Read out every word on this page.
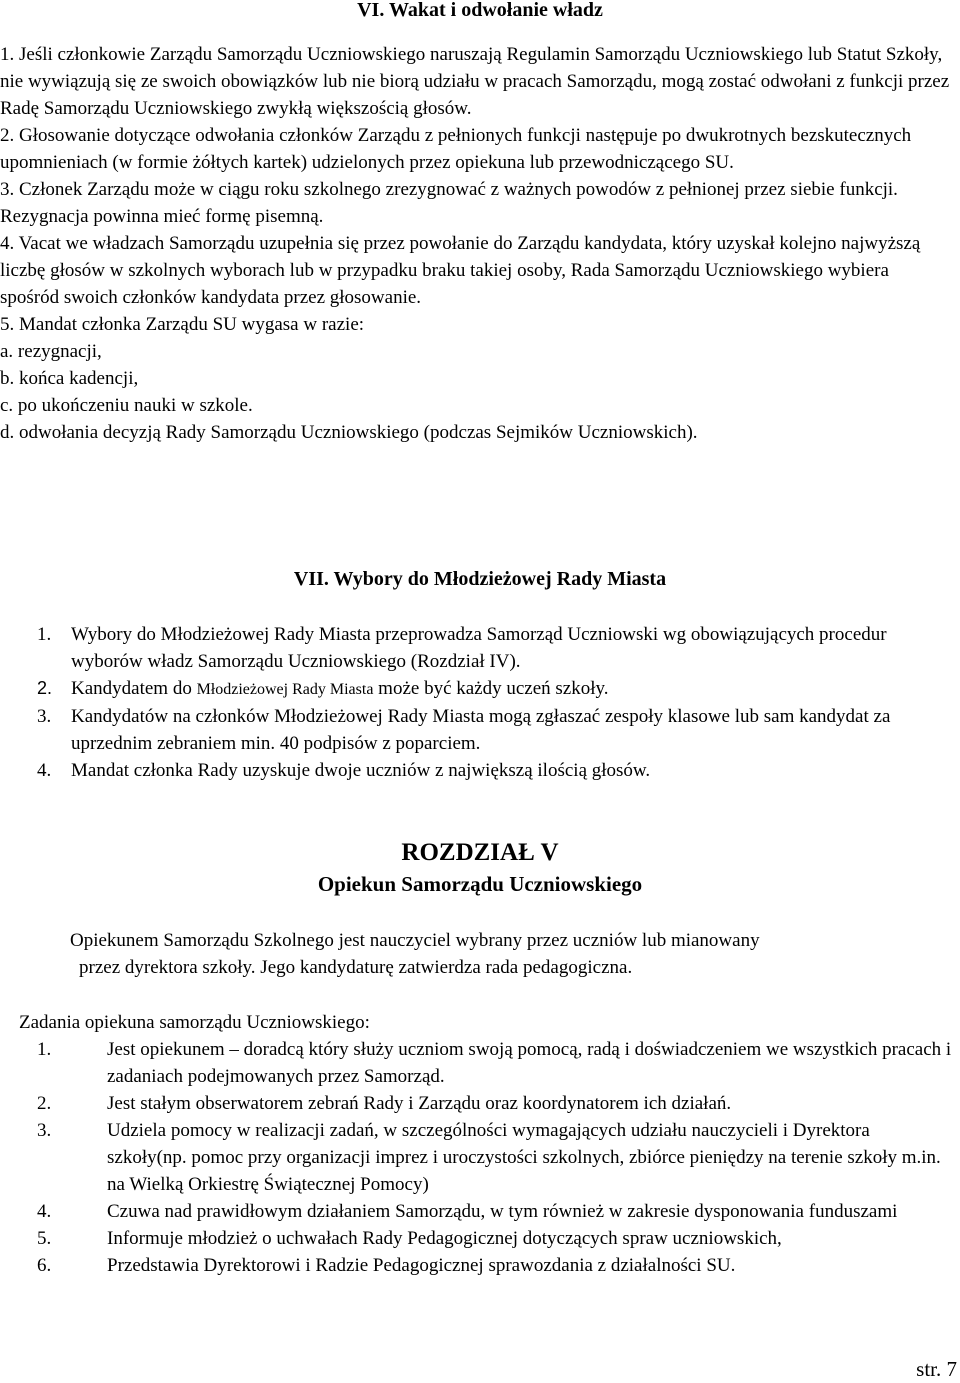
VI. Wakat i odwołanie władz

1. Jeśli członkowie Zarządu Samorządu Uczniowskiego naruszają Regulamin Samorządu Uczniowskiego lub Statut Szkoły, nie wywiązują się ze swoich obowiązków lub nie biorą udziału w pracach Samorządu, mogą zostać odwołani z funkcji przez Radę Samorządu Uczniowskiego zwykłą większością głosów.

2. Głosowanie dotyczące odwołania członków Zarządu z pełnionych funkcji następuje po dwukrotnych bezskutecznych upomnieniach (w formie żółtych kartek) udzielonych przez opiekuna lub przewodniczącego SU.

3. Członek Zarządu może w ciągu roku szkolnego zrezygnować z ważnych powodów z pełnionej przez siebie funkcji. Rezygnacja powinna mieć formę pisemną.

4. Vacat we władzach Samorządu uzupełnia się przez powołanie do Zarządu kandydata, który uzyskał kolejno najwyższą liczbę głosów w szkolnych wyborach lub w przypadku braku takiej osoby, Rada Samorządu Uczniowskiego wybiera spośród swoich członków kandydata przez głosowanie.

5. Mandat członka Zarządu SU wygasa w razie:

a. rezygnacji,

b. końca kadencji,

c. po ukończeniu nauki w szkole.

d. odwołania decyzją Rady Samorządu Uczniowskiego (podczas Sejmików Uczniowskich).

VII. Wybory do Młodzieżowej Rady Miasta
1. Wybory do Młodzieżowej Rady Miasta przeprowadza Samorząd Uczniowski wg obowiązujących procedur wyborów władz Samorządu Uczniowskiego (Rozdział IV).
2. Kandydatem do Młodzieżowej Rady Miasta może być każdy uczeń szkoły.
3. Kandydatów na członków Młodzieżowej Rady Miasta mogą zgłaszać zespoły klasowe lub sam kandydat za uprzednim zebraniem min. 40 podpisów z poparciem.
4. Mandat członka Rady uzyskuje dwoje uczniów z największą ilością głosów.
ROZDZIAŁ V
Opiekun Samorządu Uczniowskiego

Opiekunem Samorządu Szkolnego jest nauczyciel wybrany przez uczniów lub mianowany

przez dyrektora szkoły. Jego kandydaturę zatwierdza rada pedagogiczna.

Zadania opiekuna samorządu Uczniowskiego:

1.	Jest opiekunem – doradcą który służy uczniom swoją pomocą, radą i doświadczeniem we wszystkich pracach i zadaniach podejmowanych przez Samorząd.
2.	Jest stałym obserwatorem zebrań Rady i Zarządu oraz koordynatorem ich działań.
3.	Udziela pomocy w realizacji zadań, w szczególności wymagających udziału nauczycieli i Dyrektora szkoły(np. pomoc przy organizacji imprez i uroczystości szkolnych, zbiórce pieniędzy na terenie szkoły m.in. na Wielką Orkiestrę Świątecznej Pomocy)
4.	Czuwa nad prawidłowym działaniem Samorządu, w tym również w zakresie dysponowania funduszami
5.	Informuje młodzież o uchwałach Rady Pedagogicznej dotyczących spraw uczniowskich,
6.	Przedstawia Dyrektorowi i Radzie Pedagogicznej sprawozdania z działalności SU.
str. 7
